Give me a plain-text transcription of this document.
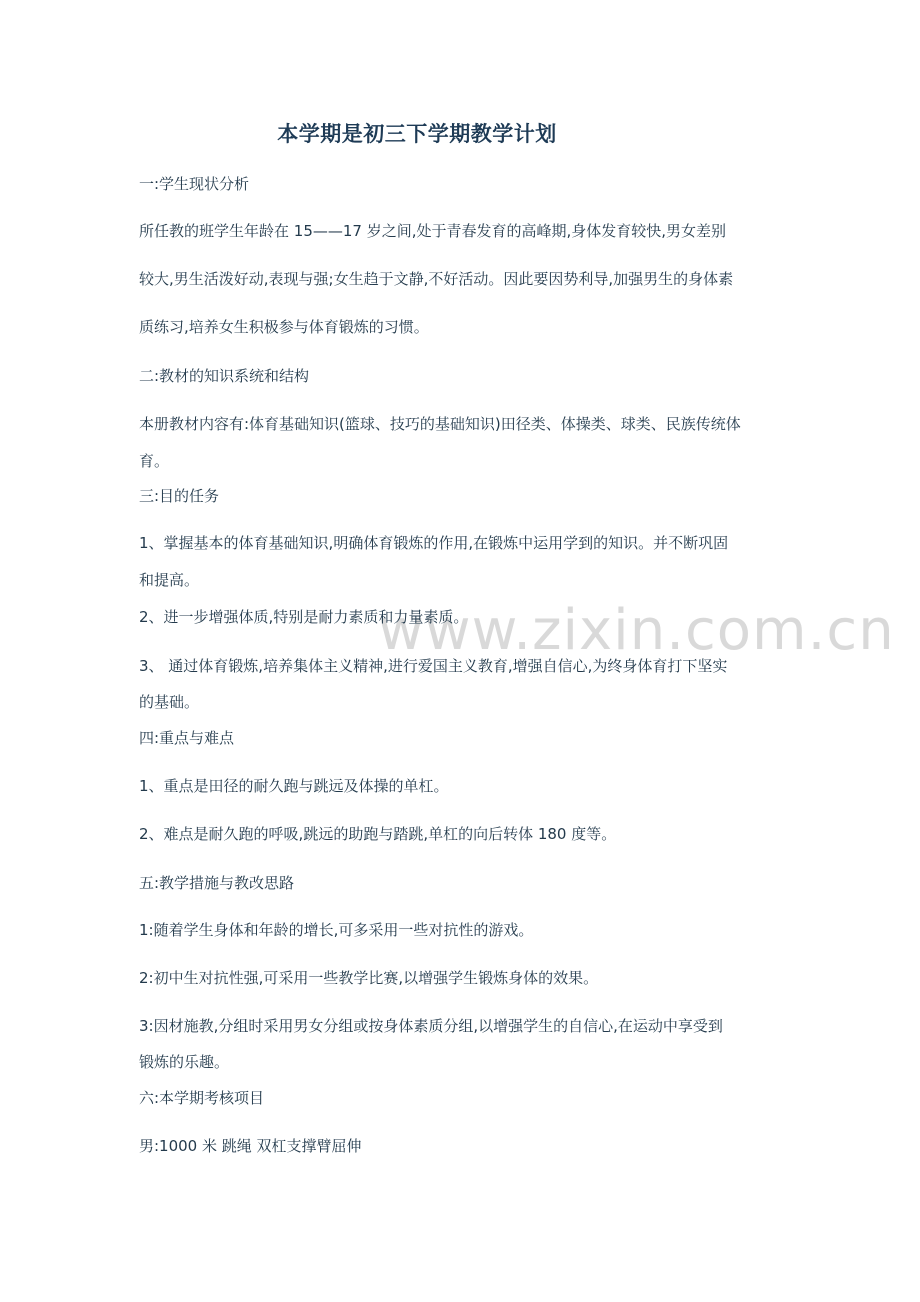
www.zixin.com.cn
本学期是初三下学期教学计划
一:学生现状分析
所任教的班学生年龄在 15——17 岁之间,处于青春发育的高峰期,身体发育较快,男女差别
较大,男生活泼好动,表现与强;女生趋于文静,不好活动。因此要因势利导,加强男生的身体素
质练习,培养女生积极参与体育锻炼的习惯。
二:教材的知识系统和结构
本册教材内容有:体育基础知识(篮球、技巧的基础知识)田径类、体操类、球类、民族传统体
育。
三:目的任务
1、掌握基本的体育基础知识,明确体育锻炼的作用,在锻炼中运用学到的知识。并不断巩固
和提高。
2、进一步增强体质,特别是耐力素质和力量素质。
3、 通过体育锻炼,培养集体主义精神,进行爱国主义教育,增强自信心,为终身体育打下坚实
的基础。
四:重点与难点
1、重点是田径的耐久跑与跳远及体操的单杠。
2、难点是耐久跑的呼吸,跳远的助跑与踏跳,单杠的向后转体 180 度等。
五:教学措施与教改思路
1:随着学生身体和年龄的增长,可多采用一些对抗性的游戏。
2:初中生对抗性强,可采用一些教学比赛,以增强学生锻炼身体的效果。
3:因材施教,分组时采用男女分组或按身体素质分组,以增强学生的自信心,在运动中享受到
锻炼的乐趣。
六:本学期考核项目
男:1000 米 跳绳 双杠支撑臂屈伸
